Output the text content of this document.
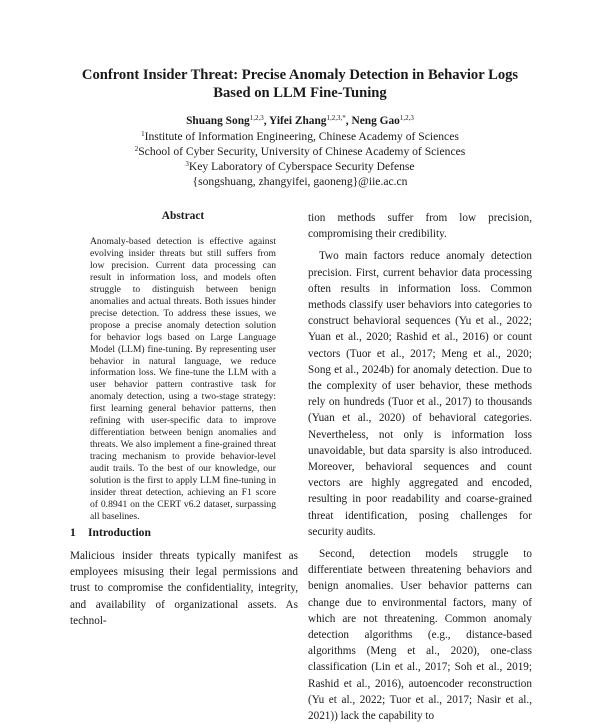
Confront Insider Threat: Precise Anomaly Detection in Behavior Logs
Based on LLM Fine-Tuning
Shuang Song$^{1,2,3}$, Yifei Zhang$^{1,2,3,*}$, Neng Gao$^{1,2,3}$
$^1$Institute of Information Engineering, Chinese Academy of Sciences
$^2$School of Cyber Security, University of Chinese Academy of Sciences
$^3$Key Laboratory of Cyberspace Security Defense
{songshuang, zhangyifei, gaoneng}@iie.ac.cn
Abstract

Anomaly-based detection is effective against evolving insider threats but still suffers from low precision. Current data processing can result in information loss, and models often struggle to distinguish between benign anomalies and actual threats. Both issues hinder precise detection. To address these issues, we propose a precise anomaly detection solution for behavior logs based on Large Language Model (LLM) fine-tuning. By representing user behavior in natural language, we reduce information loss. We fine-tune the LLM with a user behavior pattern contrastive task for anomaly detection, using a two-stage strategy: first learning general behavior patterns, then refining with user-specific data to improve differentiation between benign anomalies and threats. We also implement a fine-grained threat tracing mechanism to provide behavior-level audit trails. To the best of our knowledge, our solution is the first to apply LLM fine-tuning in insider threat detection, achieving an F1 score of 0.8941 on the CERT v6.2 dataset, surpassing all baselines.

1 Introduction

Malicious insider threats typically manifest as employees misusing their legal permissions and trust to compromise the confidentiality, integrity, and availability of organizational assets. As technol-

tion methods suffer from low precision, compromising their credibility.

Two main factors reduce anomaly detection precision. First, current behavior data processing often results in information loss. Common methods classify user behaviors into categories to construct behavioral sequences (Yu et al., 2022; Yuan et al., 2020; Rashid et al., 2016) or count vectors (Tuor et al., 2017; Meng et al., 2020; Song et al., 2024b) for anomaly detection. Due to the complexity of user behavior, these methods rely on hundreds (Tuor et al., 2017) to thousands (Yuan et al., 2020) of behavioral categories. Nevertheless, not only is information loss unavoidable, but data sparsity is also introduced. Moreover, behavioral sequences and count vectors are highly aggregated and encoded, resulting in poor readability and coarse-grained threat identification, posing challenges for security audits.

Second, detection models struggle to differentiate between threatening behaviors and benign anomalies. User behavior patterns can change due to environmental factors, many of which are not threatening. Common anomaly detection algorithms (e.g., distance-based algorithms (Meng et al., 2020), one-class classification (Lin et al., 2017; Soh et al., 2019; Rashid et al., 2016), autoencoder reconstruction (Yu et al., 2022; Tuor et al., 2017; Nasir et al., 2021)) lack the capability to
